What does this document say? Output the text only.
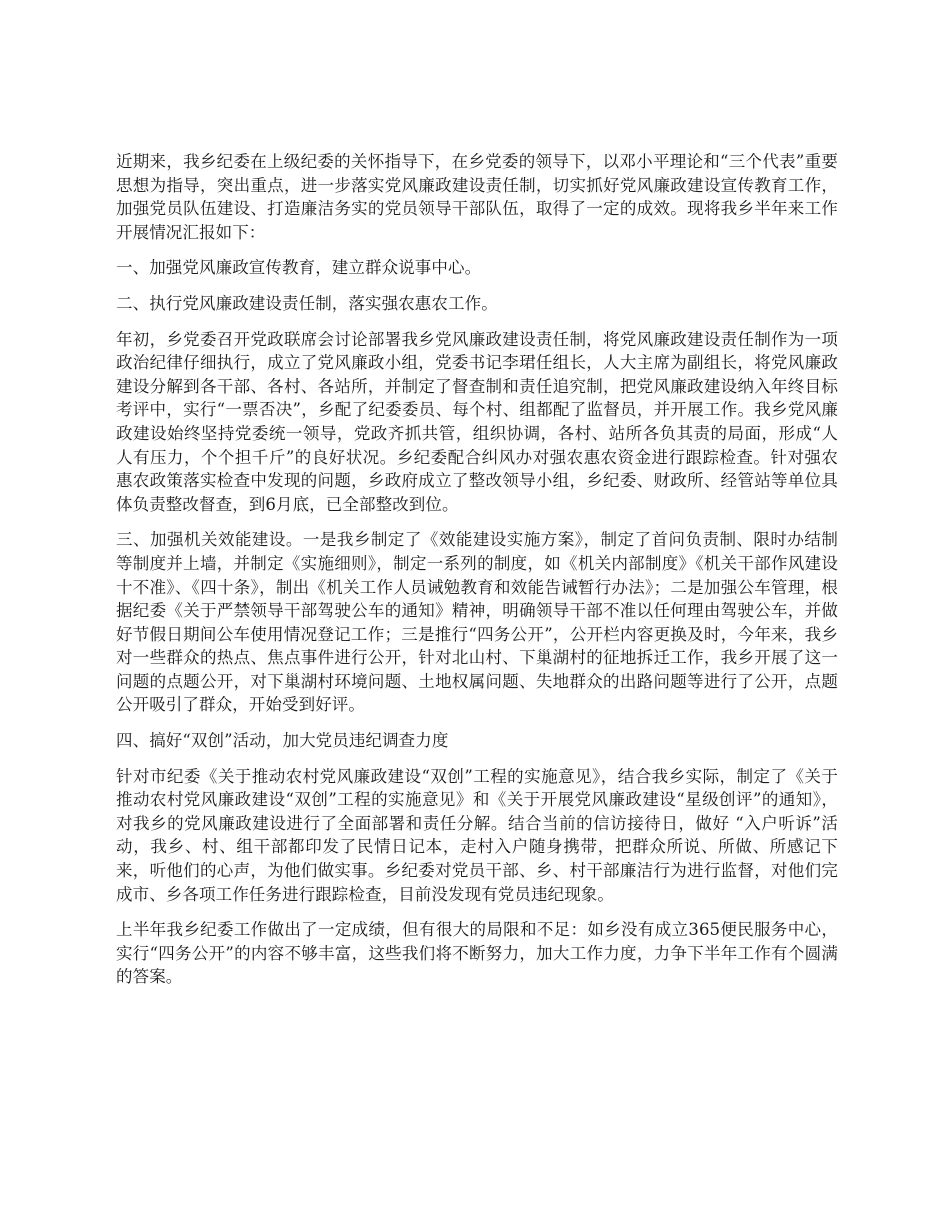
近期来，我乡纪委在上级纪委的关怀指导下，在乡党委的领导下，以邓小平理论和“三个代表”重要思想为指导，突出重点，进一步落实党风廉政建设责任制，切实抓好党风廉政建设宣传教育工作，加强党员队伍建设、打造廉洁务实的党员领导干部队伍，取得了一定的成效。现将我乡半年来工作开展情况汇报如下：

一、加强党风廉政宣传教育，建立群众说事中心。

二、执行党风廉政建设责任制，落实强农惠农工作。

年初，乡党委召开党政联席会讨论部署我乡党风廉政建设责任制，将党风廉政建设责任制作为一项政治纪律仔细执行，成立了党风廉政小组，党委书记李珺任组长，人大主席为副组长，将党风廉政建设分解到各干部、各村、各站所，并制定了督查制和责任追究制，把党风廉政建设纳入年终目标考评中，实行“一票否决”，乡配了纪委委员、每个村、组都配了监督员，并开展工作。我乡党风廉政建设始终坚持党委统一领导，党政齐抓共管，组织协调，各村、站所各负其责的局面，形成“人人有压力，个个担千斤”的良好状况。乡纪委配合纠风办对强农惠农资金进行跟踪检查。针对强农惠农政策落实检查中发现的问题，乡政府成立了整改领导小组，乡纪委、财政所、经管站等单位具体负责整改督查，到6月底，已全部整改到位。

三、加强机关效能建设。一是我乡制定了《效能建设实施方案》，制定了首问负责制、限时办结制等制度并上墙，并制定《实施细则》，制定一系列的制度，如《机关内部制度》《机关干部作风建设十不准》、《四十条》，制出《机关工作人员诫勉教育和效能告诫暂行办法》；二是加强公车管理，根据纪委《关于严禁领导干部驾驶公车的通知》精神，明确领导干部不准以任何理由驾驶公车，并做好节假日期间公车使用情况登记工作；三是推行“四务公开”，公开栏内容更换及时，今年来，我乡对一些群众的热点、焦点事件进行公开，针对北山村、下巢湖村的征地拆迁工作，我乡开展了这一问题的点题公开，对下巢湖村环境问题、土地权属问题、失地群众的出路问题等进行了公开，点题公开吸引了群众，开始受到好评。

四、搞好“双创”活动，加大党员违纪调查力度

针对市纪委《关于推动农村党风廉政建设“双创”工程的实施意见》，结合我乡实际，制定了《关于推动农村党风廉政建设“双创”工程的实施意见》和《关于开展党风廉政建设“星级创评”的通知》，对我乡的党风廉政建设进行了全面部署和责任分解。结合当前的信访接待日，做好 “入户听诉”活动，我乡、村、组干部都印发了民情日记本，走村入户随身携带，把群众所说、所做、所感记下来，听他们的心声，为他们做实事。乡纪委对党员干部、乡、村干部廉洁行为进行监督，对他们完成市、乡各项工作任务进行跟踪检查，目前没发现有党员违纪现象。

上半年我乡纪委工作做出了一定成绩，但有很大的局限和不足：如乡没有成立365便民服务中心，实行“四务公开”的内容不够丰富，这些我们将不断努力，加大工作力度，力争下半年工作有个圆满的答案。
